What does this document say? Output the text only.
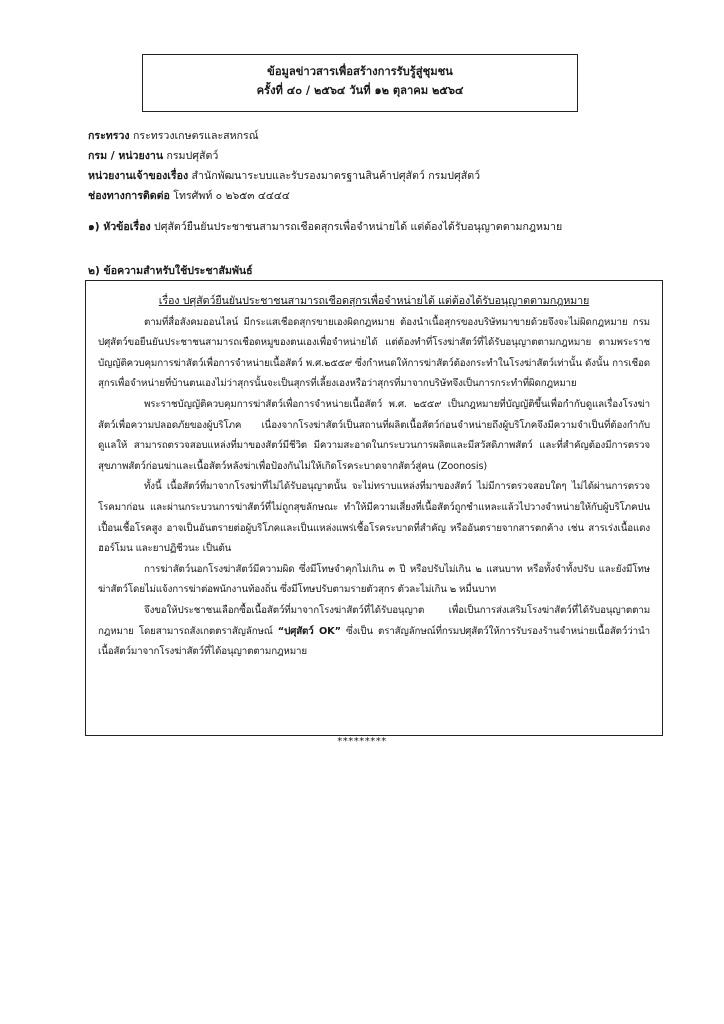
ข้อมูลข่าวสารเพื่อสร้างการรับรู้สู่ชุมชน
ครั้งที่ ๔๐ / ๒๕๖๔ วันที่ ๑๒ ตุลาคม ๒๕๖๔
กระทรวง กระทรวงเกษตรและสหกรณ์
กรม / หน่วยงาน กรมปศุสัตว์
หน่วยงานเจ้าของเรื่อง สำนักพัฒนาระบบและรับรองมาตรฐานสินค้าปศุสัตว์ กรมปศุสัตว์
ช่องทางการติดต่อ โทรศัพท์ ๐ ๒๖๕๓ ๔๔๔๔
๑) หัวข้อเรื่อง ปศุสัตว์ยืนยันประชาชนสามารถเชือดสุกรเพื่อจำหน่ายได้ แต่ต้องได้รับอนุญาตตามกฎหมาย
๒) ข้อความสำหรับใช้ประชาสัมพันธ์
เรื่อง ปศุสัตว์ยืนยันประชาชนสามารถเชือดสุกรเพื่อจำหน่ายได้ แต่ต้องได้รับอนุญาตตามกฎหมาย

ตามที่สื่อสังคมออนไลน์ มีกระแสเชือดสุกรขายเองผิดกฎหมาย ต้องนำเนื้อสุกรของบริษัทมาขายด้วยจึงจะไม่ผิดกฎหมาย กรมปศุสัตว์ขอยืนยันประชาชนสามารถเชือดหมูของตนเองเพื่อจำหน่ายได้ แต่ต้องทำที่โรงฆ่าสัตว์ที่ได้รับอนุญาตตามกฎหมาย ตามพระราชบัญญัติควบคุมการฆ่าสัตว์เพื่อการจำหน่ายเนื้อสัตว์ พ.ศ.๒๕๕๙ ซึ่งกำหนดให้การฆ่าสัตว์ต้องกระทำในโรงฆ่าสัตว์เท่านั้น ดังนั้น การเชือดสุกรเพื่อจำหน่ายที่บ้านตนเองไม่ว่าสุกรนั้นจะเป็นสุกรที่เลี้ยงเองหรือว่าสุกรที่มาจากบริษัทจึงเป็นการกระทำที่ผิดกฎหมาย

พระราชบัญญัติควบคุมการฆ่าสัตว์เพื่อการจำหน่ายเนื้อสัตว์ พ.ศ. ๒๕๕๙ เป็นกฎหมายที่บัญญัติขึ้นเพื่อกำกับดูแลเรื่องโรงฆ่าสัตว์เพื่อความปลอดภัยของผู้บริโภค เนื่องจากโรงฆ่าสัตว์เป็นสถานที่ผลิตเนื้อสัตว์ก่อนจำหน่ายถึงผู้บริโภคจึงมีความจำเป็นที่ต้องกำกับดูแลให้ สามารถตรวจสอบแหล่งที่มาของสัตว์มีชีวิต มีความสะอาดในกระบวนการผลิตและมีสวัสดิภาพสัตว์ และที่สำคัญต้องมีการตรวจสุขภาพสัตว์ก่อนฆ่าและเนื้อสัตว์หลังฆ่าเพื่อป้องกันไม่ให้เกิดโรคระบาดจากสัตว์สู่คน (Zoonosis)

ทั้งนี้ เนื้อสัตว์ที่มาจากโรงฆ่าที่ไม่ได้รับอนุญาตนั้น จะไม่ทราบแหล่งที่มาของสัตว์ ไม่มีการตรวจสอบใดๆ ไม่ได้ผ่านการตรวจโรคมาก่อน และผ่านกระบวนการฆ่าสัตว์ที่ไม่ถูกสุขลักษณะ ทำให้มีความเสี่ยงที่เนื้อสัตว์ถูกชำแหละแล้วไปวางจำหน่ายให้กับผู้บริโภคปนเปื้อนเชื้อโรคสูง อาจเป็นอันตรายต่อผู้บริโภคและเป็นแหล่งแพร่เชื้อโรคระบาดที่สำคัญ หรืออันตรายจากสารตกค้าง เช่น สารเร่งเนื้อแดง ฮอร์โมน และยาปฏิชีวนะ เป็นต้น

การฆ่าสัตว์นอกโรงฆ่าสัตว์มีความผิด ซึ่งมีโทษจำคุกไม่เกิน ๓ ปี หรือปรับไม่เกิน ๒ แสนบาท หรือทั้งจำทั้งปรับ และยังมีโทษฆ่าสัตว์โดยไม่แจ้งการฆ่าต่อพนักงานท้องถิ่น ซึ่งมีโทษปรับตามรายตัวสุกร ตัวละไม่เกิน ๒ หมื่นบาท

จึงขอให้ประชาชนเลือกซื้อเนื้อสัตว์ที่มาจากโรงฆ่าสัตว์ที่ได้รับอนุญาต เพื่อเป็นการส่งเสริมโรงฆ่าสัตว์ที่ได้รับอนุญาตตามกฎหมาย โดยสามารถสังเกตตราสัญลักษณ์ “ปศุสัตว์ OK” ซึ่งเป็น ตราสัญลักษณ์ที่กรมปศุสัตว์ให้การรับรองร้านจำหน่ายเนื้อสัตว์ว่านำเนื้อสัตว์มาจากโรงฆ่าสัตว์ที่ได้อนุญาตตามกฎหมาย

*********
